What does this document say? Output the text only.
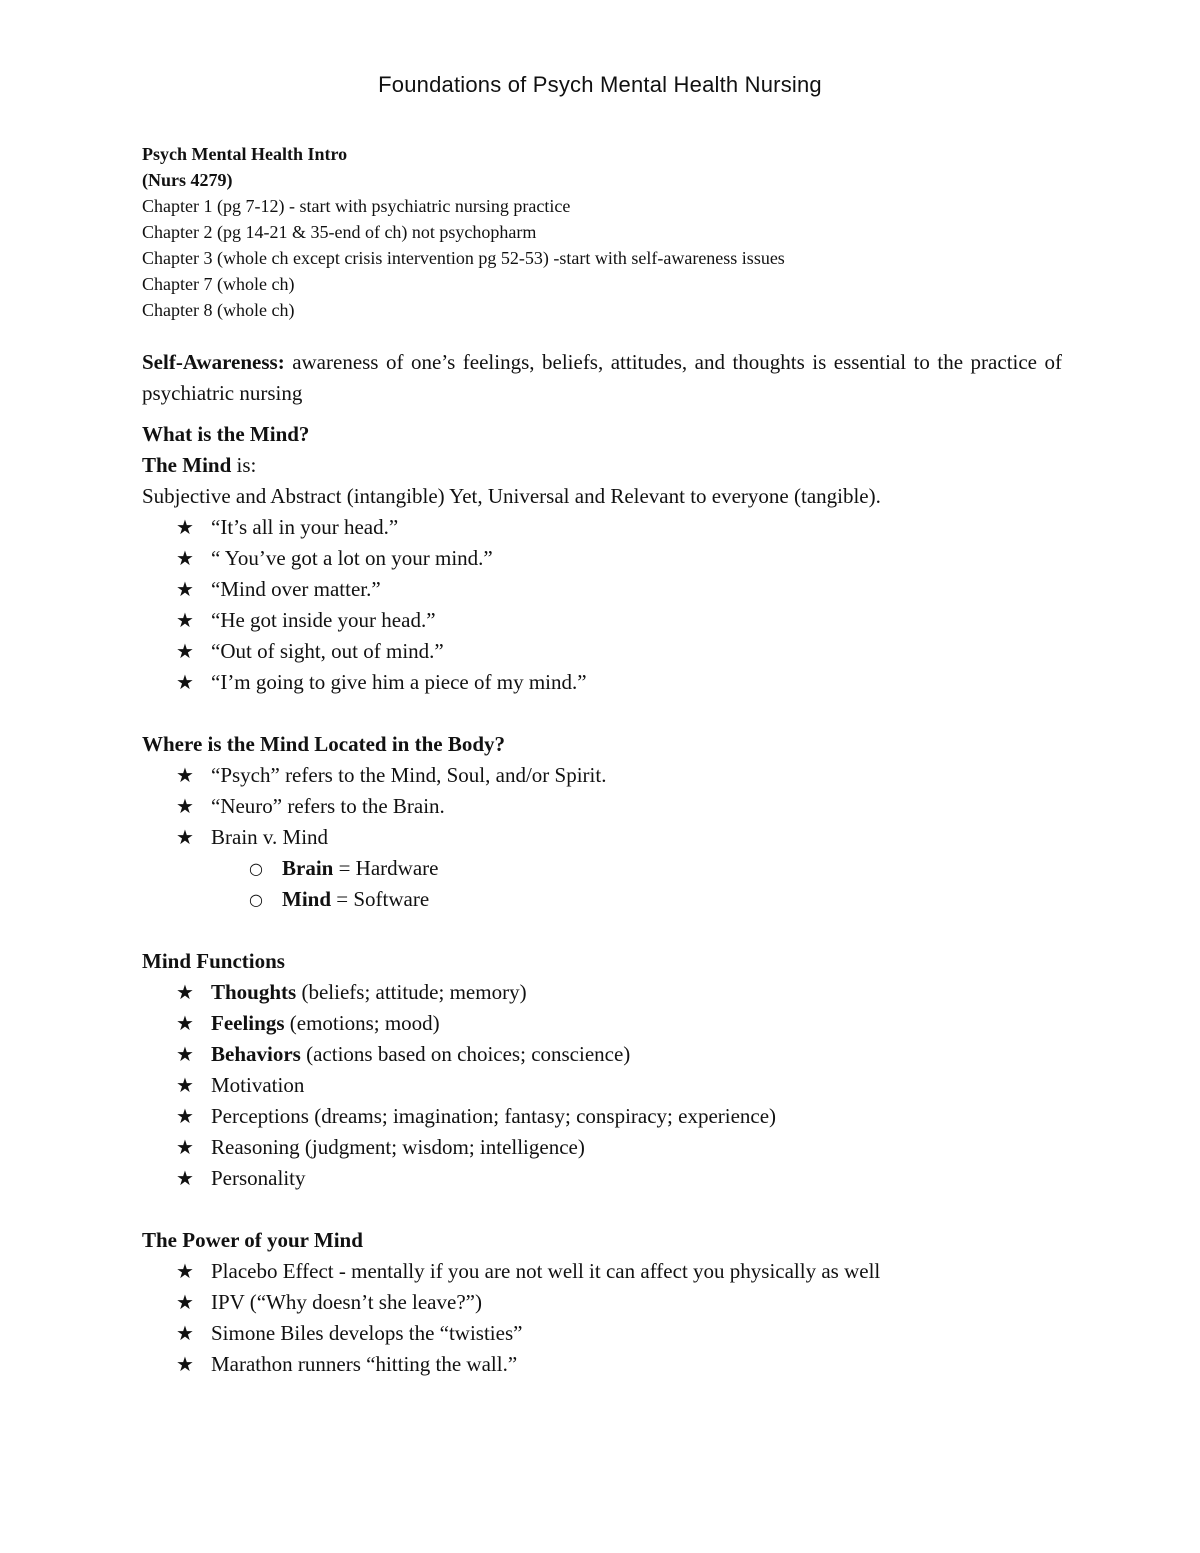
Foundations of Psych Mental Health Nursing
Psych Mental Health Intro
(Nurs 4279)
Chapter 1 (pg 7-12) - start with psychiatric nursing practice
Chapter 2 (pg 14-21 & 35-end of ch) not psychopharm
Chapter 3 (whole ch except crisis intervention pg 52-53) -start with self-awareness issues
Chapter 7 (whole ch)
Chapter 8 (whole ch)

Self-Awareness: awareness of one’s feelings, beliefs, attitudes, and thoughts is essential to the practice of psychiatric nursing

What is the Mind?
The Mind is:
Subjective and Abstract (intangible) Yet, Universal and Relevant to everyone (tangible).
★ “It’s all in your head.”
★ “ You’ve got a lot on your mind.”
★ “Mind over matter.”
★ “He got inside your head.”
★ “Out of sight, out of mind.”
★ “I’m going to give him a piece of my mind.”
Where is the Mind Located in the Body?
★ “Psych” refers to the Mind, Soul, and/or Spirit.
★ “Neuro” refers to the Brain.
★ Brain v. Mind
○ Brain = Hardware
○ Mind = Software
Mind Functions
★ Thoughts (beliefs; attitude; memory)
★ Feelings (emotions; mood)
★ Behaviors (actions based on choices; conscience)
★ Motivation
★ Perceptions (dreams; imagination; fantasy; conspiracy; experience)
★ Reasoning (judgment; wisdom; intelligence)
★ Personality
The Power of your Mind
★ Placebo Effect - mentally if you are not well it can affect you physically as well
★ IPV (“Why doesn’t she leave?”)
★ Simone Biles develops the “twisties”
★ Marathon runners “hitting the wall.”
